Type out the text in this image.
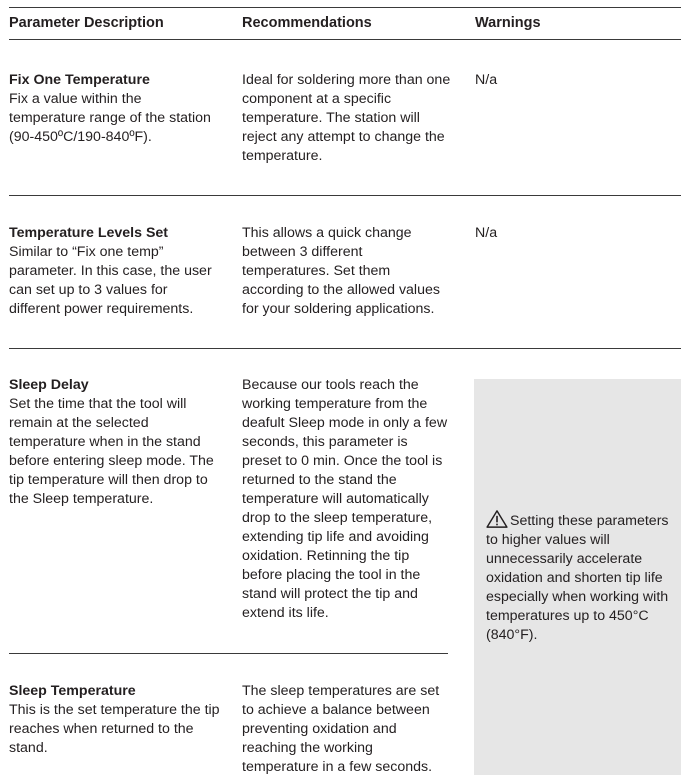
Parameter Description	Recommendations	Warnings
Fix One Temperature
Fix a value within the temperature range of the station (90-450ºC/190-840ºF).
Ideal for soldering more than one component at a specific temperature. The station will reject any attempt to change the temperature.
N/a
Temperature Levels Set
Similar to “Fix one temp” parameter. In this case, the user can set up to 3 values for different power requirements.
This allows a quick change between 3 different temperatures. Set them according to the allowed values for your soldering applications.
N/a
Setting these parameters to higher values will unnecessarily accelerate oxidation and shorten tip life especially when working with temperatures up to 450°C (840°F).
Sleep Delay
Set the time that the tool will remain at the selected temperature when in the stand before entering sleep mode. The tip temperature will then drop to the Sleep temperature.
Because our tools reach the working temperature from the deafult Sleep mode in only a few seconds, this parameter is preset to 0 min. Once the tool is returned to the stand the temperature will automatically drop to the sleep temperature, extending tip life and avoiding oxidation. Retinning the tip before placing the tool in the stand will protect the tip and extend its life.
Sleep Temperature
This is the set temperature the tip reaches when returned to the stand.
The sleep temperatures are set to achieve a balance between preventing oxidation and reaching the working temperature in a few seconds.
